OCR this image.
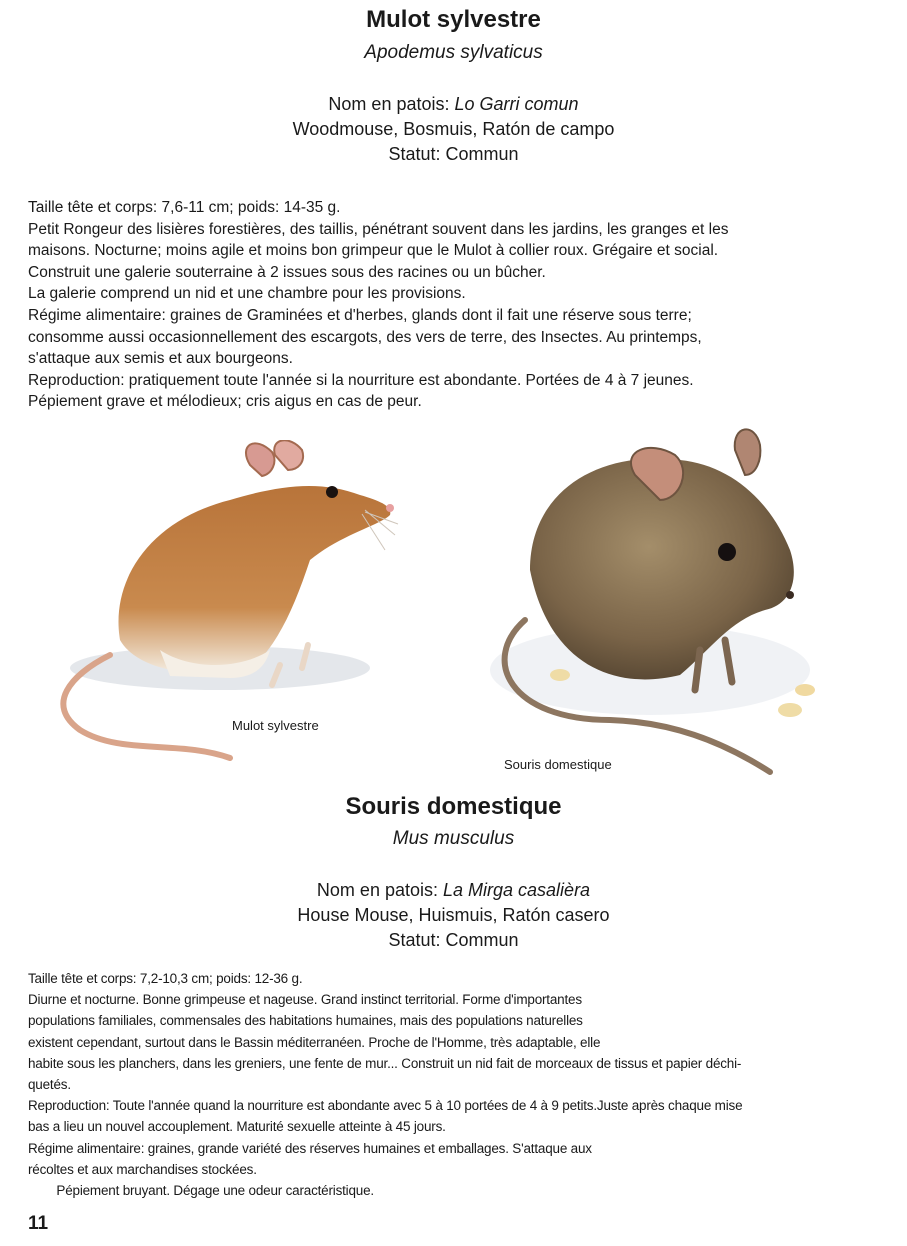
Mulot sylvestre
Apodemus sylvaticus
Nom en patois: Lo Garri comun
Woodmouse, Bosmuis, Ratón de campo
Statut: Commun
Taille tête et corps: 7,6-11 cm; poids: 14-35 g.
Petit Rongeur des lisières forestières, des taillis, pénétrant souvent dans les jardins, les granges et les
maisons. Nocturne; moins agile et moins bon grimpeur que le Mulot à collier roux. Grégaire et social.
Construit une galerie souterraine à 2 issues sous des racines ou un bûcher.
La galerie comprend un nid et une chambre pour les provisions.
Régime alimentaire: graines de Graminées et d'herbes, glands dont il fait une réserve sous terre;
consomme aussi occasionnellement des escargots, des vers de terre, des Insectes. Au printemps,
s'attaque aux semis et aux bourgeons.
Reproduction: pratiquement toute l'année si la nourriture est abondante. Portées de 4 à 7 jeunes.
Pépiement grave et mélodieux; cris aigus en cas de peur.
Mulot sylvestre
Souris domestique
Souris domestique
Mus musculus
Nom en patois: La Mirga casalièra
House Mouse, Huismuis, Ratón casero
Statut: Commun
Taille tête et corps: 7,2-10,3 cm; poids: 12-36 g.
Diurne et nocturne. Bonne grimpeuse et nageuse. Grand instinct territorial. Forme d'importantes
populations familiales, commensales des habitations humaines, mais des populations naturelles
existent cependant, surtout dans le Bassin méditerranéen. Proche de l'Homme, très adaptable, elle
habite sous les planchers, dans les greniers, une fente de mur... Construit un nid fait de morceaux de tissus et papier déchi-
quetés.
Reproduction: Toute l'année quand la nourriture est abondante avec 5 à 10 portées de 4 à 9 petits.Juste après chaque mise
bas a lieu un nouvel accouplement. Maturité sexuelle atteinte à 45 jours.
Régime alimentaire: graines, grande variété des réserves humaines et emballages. S'attaque aux
récoltes et aux marchandises stockées.
Pépiement bruyant. Dégage une odeur caractéristique.
11
